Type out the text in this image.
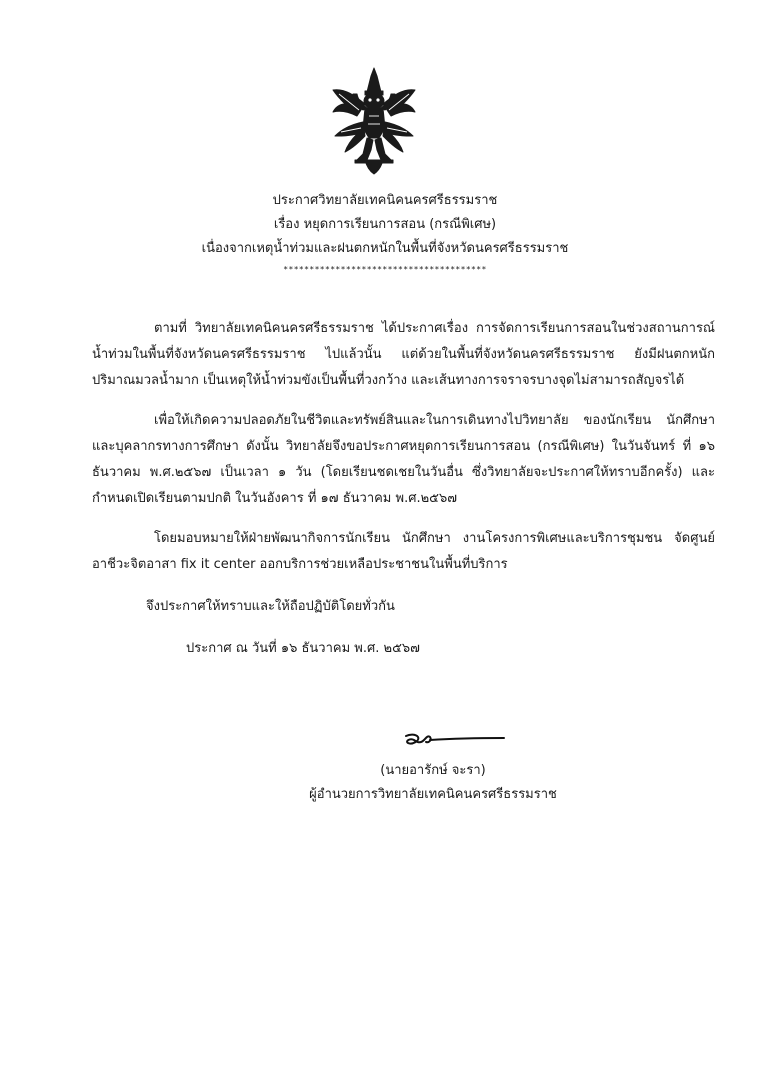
ประกาศวิทยาลัยเทคนิคนครศรีธรรมราช
เรื่อง หยุดการเรียนการสอน (กรณีพิเศษ)
เนื่องจากเหตุน้ำท่วมและฝนตกหนักในพื้นที่จังหวัดนครศรีธรรมราช
***************************************
ตามที่ วิทยาลัยเทคนิคนครศรีธรรมราช ได้ประกาศเรื่อง การจัดการเรียนการสอนในช่วงสถานการณ์
น้ำท่วมในพื้นที่จังหวัดนครศรีธรรมราช ไปแล้วนั้น แต่ด้วยในพื้นที่จังหวัดนครศรีธรรมราช ยังมีฝนตกหนัก
ปริมาณมวลน้ำมาก เป็นเหตุให้น้ำท่วมขังเป็นพื้นที่วงกว้าง และเส้นทางการจราจรบางจุดไม่สามารถสัญจรได้
เพื่อให้เกิดความปลอดภัยในชีวิตและทรัพย์สินและในการเดินทางไปวิทยาลัย ของนักเรียน นักศึกษา
และบุคลากรทางการศึกษา ดังนั้น วิทยาลัยจึงขอประกาศหยุดการเรียนการสอน (กรณีพิเศษ) ในวันจันทร์ ที่ ๑๖
ธันวาคม พ.ศ.๒๕๖๗ เป็นเวลา ๑ วัน (โดยเรียนชดเชยในวันอื่น ซึ่งวิทยาลัยจะประกาศให้ทราบอีกครั้ง) และ
กำหนดเปิดเรียนตามปกติ ในวันอังคาร ที่ ๑๗ ธันวาคม พ.ศ.๒๕๖๗
โดยมอบหมายให้ฝ่ายพัฒนากิจการนักเรียน นักศึกษา งานโครงการพิเศษและบริการชุมชน จัดศูนย์
อาชีวะจิตอาสา fix it center ออกบริการช่วยเหลือประชาชนในพื้นที่บริการ
จึงประกาศให้ทราบและให้ถือปฏิบัติโดยทั่วกัน
ประกาศ ณ วันที่ ๑๖ ธันวาคม พ.ศ. ๒๕๖๗
(นายอารักษ์ จะรา)
ผู้อำนวยการวิทยาลัยเทคนิคนครศรีธรรมราช
